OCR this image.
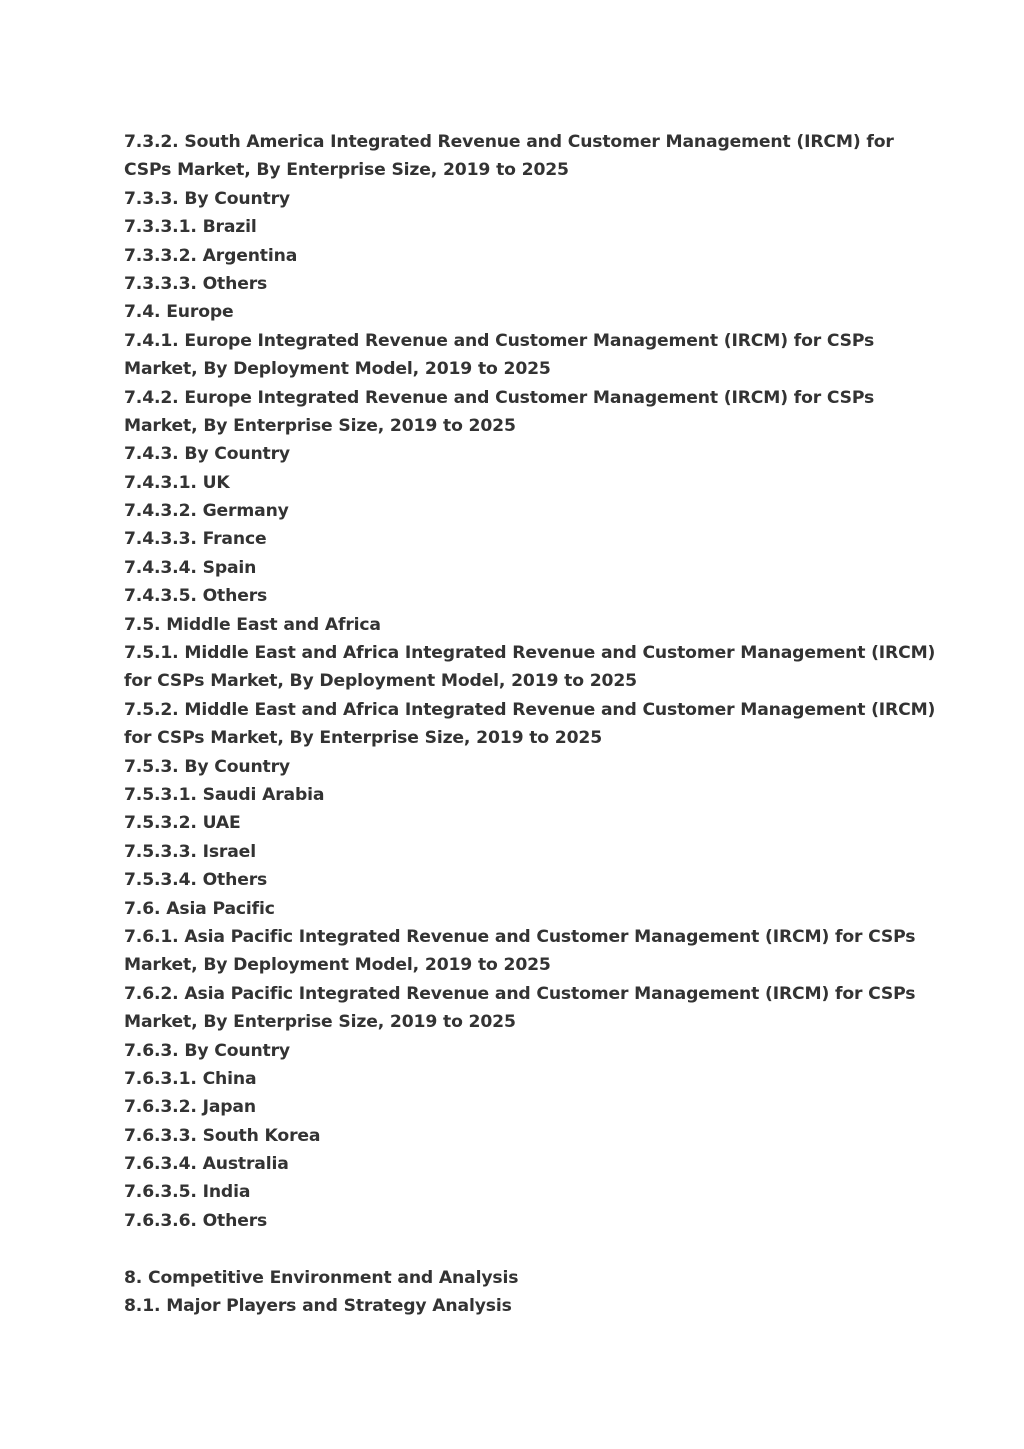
7.3.2. South America Integrated Revenue and Customer Management (IRCM) for
CSPs Market, By Enterprise Size, 2019 to 2025
7.3.3. By Country
7.3.3.1. Brazil
7.3.3.2. Argentina
7.3.3.3. Others
7.4. Europe
7.4.1. Europe Integrated Revenue and Customer Management (IRCM) for CSPs
Market, By Deployment Model, 2019 to 2025
7.4.2. Europe Integrated Revenue and Customer Management (IRCM) for CSPs
Market, By Enterprise Size, 2019 to 2025
7.4.3. By Country
7.4.3.1. UK
7.4.3.2. Germany
7.4.3.3. France
7.4.3.4. Spain
7.4.3.5. Others
7.5. Middle East and Africa
7.5.1. Middle East and Africa Integrated Revenue and Customer Management (IRCM)
for CSPs Market, By Deployment Model, 2019 to 2025
7.5.2. Middle East and Africa Integrated Revenue and Customer Management (IRCM)
for CSPs Market, By Enterprise Size, 2019 to 2025
7.5.3. By Country
7.5.3.1. Saudi Arabia
7.5.3.2. UAE
7.5.3.3. Israel
7.5.3.4. Others
7.6. Asia Pacific
7.6.1. Asia Pacific Integrated Revenue and Customer Management (IRCM) for CSPs
Market, By Deployment Model, 2019 to 2025
7.6.2. Asia Pacific Integrated Revenue and Customer Management (IRCM) for CSPs
Market, By Enterprise Size, 2019 to 2025
7.6.3. By Country
7.6.3.1. China
7.6.3.2. Japan
7.6.3.3. South Korea
7.6.3.4. Australia
7.6.3.5. India
7.6.3.6. Others
8. Competitive Environment and Analysis
8.1. Major Players and Strategy Analysis
